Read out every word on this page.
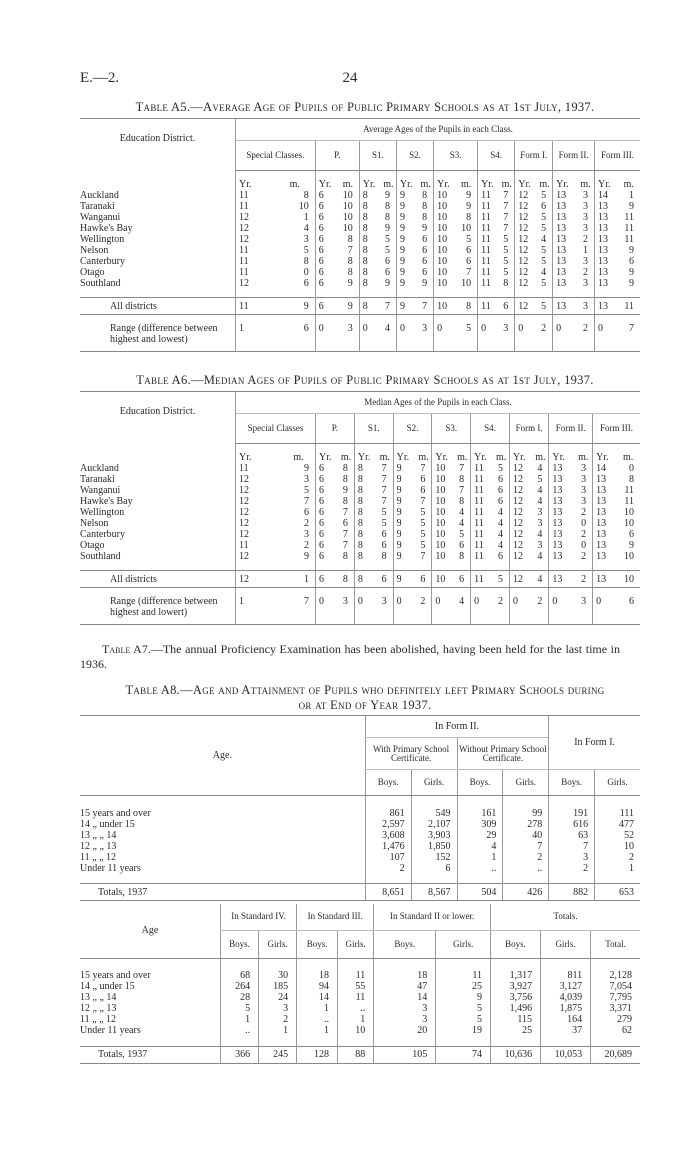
E.—2.	24
Table A5.—Average Age of Pupils of Public Primary Schools as at 1st July, 1937.
Education District.	Average Ages of the Pupils in each Class.																	
	Special Classes.		P.		S1.		S2.		S3.		S4.		Form I.		Form II.		Form III.	

	Yr.	m.	Yr.	m.	Yr.	m.	Yr.	m.	Yr.	m.	Yr.	m.	Yr.	m.	Yr.	m.	Yr.	m.
Auckland	11	8	6	10	8	9	9	8	10	9	11	7	12	5	13	3	14	1
Taranaki	11	10	6	10	8	8	9	8	10	9	11	7	12	6	13	3	13	9
Wanganui	12	1	6	10	8	8	9	8	10	8	11	7	12	5	13	3	13	11
Hawke's Bay	12	4	6	10	8	9	9	9	10	10	11	7	12	5	13	3	13	11
Wellington	12	3	6	8	8	5	9	6	10	5	11	5	12	4	13	2	13	11
Nelson	11	5	6	7	8	5	9	6	10	6	11	5	12	5	13	1	13	9
Canterbury	11	8	6	8	8	6	9	6	10	6	11	5	12	5	13	3	13	6
Otago	11	0	6	8	8	6	9	6	10	7	11	5	12	4	13	2	13	9
Southland	12	6	6	9	8	9	9	9	10	10	11	8	12	5	13	3	13	9

All districts	11	9	6	9	8	7	9	7	10	8	11	6	12	5	13	3	13	11

Range (difference between highest and lowest)	1	6	0	3	0	4	0	3	0	5	0	3	0	2	0	2	0	7
Table A6.—Median Ages of Pupils of Public Primary Schools as at 1st July, 1937.
Education District.	Median Ages of the Pupils in each Class.																	
	Special Classes		P.		S1.		S2.		S3.		S4.		Form I.		Form II.		Form III.	

	Yr.	m.	Yr.	m.	Yr.	m.	Yr.	m.	Yr.	m.	Yr.	m.	Yr.	m.	Yr.	m.	Yr.	m.
Auckland	11	9	6	8	8	7	9	7	10	7	11	5	12	4	13	3	14	0
Taranaki	12	3	6	8	8	7	9	6	10	8	11	6	12	5	13	3	13	8
Wanganui	12	5	6	9	8	7	9	6	10	7	11	6	12	4	13	3	13	11
Hawke's Bay	12	7	6	8	8	7	9	7	10	8	11	6	12	4	13	3	13	11
Wellington	12	6	6	7	8	5	9	5	10	4	11	4	12	3	13	2	13	10
Nelson	12	2	6	6	8	5	9	5	10	4	11	4	12	3	13	0	13	10
Canterbury	12	3	6	7	8	6	9	5	10	5	11	4	12	4	13	2	13	6
Otago	11	2	6	7	8	6	9	5	10	6	11	4	12	3	13	0	13	9
Southland	12	9	6	8	8	8	9	7	10	8	11	6	12	4	13	2	13	10

All districts	12	1	6	8	8	6	9	6	10	6	11	5	12	4	13	2	13	10

Range (difference between highest and lowert)	1	7	0	3	0	3	0	2	0	4	0	2	0	2	0	3	0	6
Table A7.—The annual Proficiency Examination has been abolished, having been held for the last time in 1936.
Table A8.—Age and Attainment of Pupils who definitely left Primary Schools during
or at End of Year 1937.
Age.	In Form II.				In Form I.	
	With Primary School Certificate.		Without Primary School Certificate.			
	Boys.	Girls.	Boys.	Girls.	Boys.	Girls.

15 years and over	861	549	161	99	191	111
14 „ under 15	2,597	2,107	309	278	616	477
13 „ „ 14	3,608	3,903	29	40	63	52
12 „ „ 13	1,476	1,850	4	7	7	10
11 „ „ 12	107	152	1	2	3	2
Under 11 years	2	6	..	..	2	1

Totals, 1937	8,651	8,567	504	426	882	653
Age	In Standard IV.		In Standard III.		In Standard II or lower.		Totals.		
	Boys.	Girls.	Boys.	Girls.	Boys.	Girls.	Boys.	Girls.	Total.

15 years and over	68	30	18	11	18	11	1,317	811	2,128
14 „ under 15	264	185	94	55	47	25	3,927	3,127	7,054
13 „ „ 14	28	24	14	11	14	9	3,756	4,039	7,795
12 „ „ 13	5	3	1	..	3	5	1,496	1,875	3,371
11 „ „ 12	1	2	..	1	3	5	115	164	279
Under 11 years	..	1	1	10	20	19	25	37	62

Totals, 1937	366	245	128	88	105	74	10,636	10,053	20,689
